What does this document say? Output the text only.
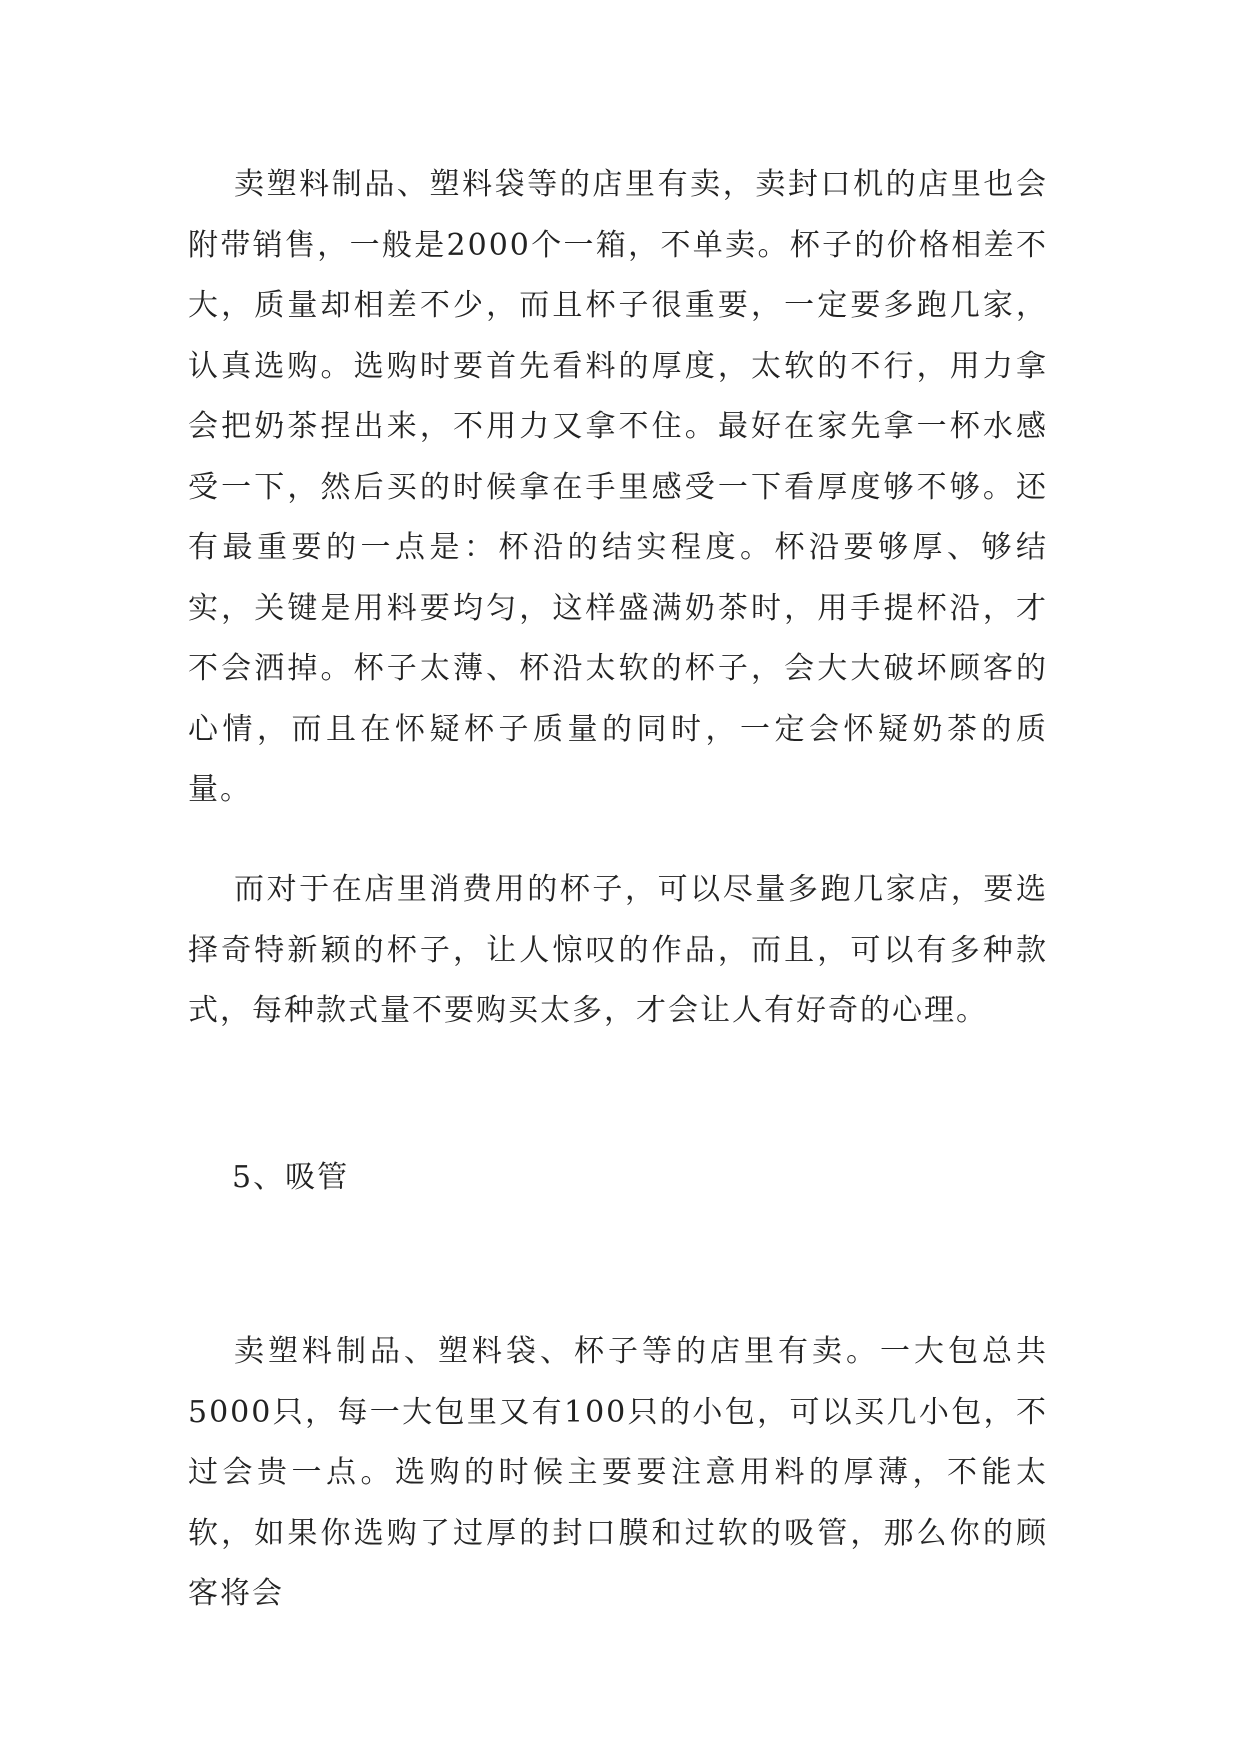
卖塑料制品、塑料袋等的店里有卖，卖封口机的店里也会附带销售，一般是2000个一箱，不单卖。杯子的价格相差不大，质量却相差不少，而且杯子很重要，一定要多跑几家，认真选购。选购时要首先看料的厚度，太软的不行，用力拿会把奶茶捏出来，不用力又拿不住。最好在家先拿一杯水感受一下，然后买的时候拿在手里感受一下看厚度够不够。还有最重要的一点是：杯沿的结实程度。杯沿要够厚、够结实，关键是用料要均匀，这样盛满奶茶时，用手提杯沿，才不会洒掉。杯子太薄、杯沿太软的杯子，会大大破坏顾客的心情，而且在怀疑杯子质量的同时，一定会怀疑奶茶的质量。

而对于在店里消费用的杯子，可以尽量多跑几家店，要选择奇特新颖的杯子，让人惊叹的作品，而且，可以有多种款式，每种款式量不要购买太多，才会让人有好奇的心理。

5、吸管

卖塑料制品、塑料袋、杯子等的店里有卖。一大包总共5000只，每一大包里又有100只的小包，可以买几小包，不过会贵一点。选购的时候主要要注意用料的厚薄，不能太软，如果你选购了过厚的封口膜和过软的吸管，那么你的顾客将会
